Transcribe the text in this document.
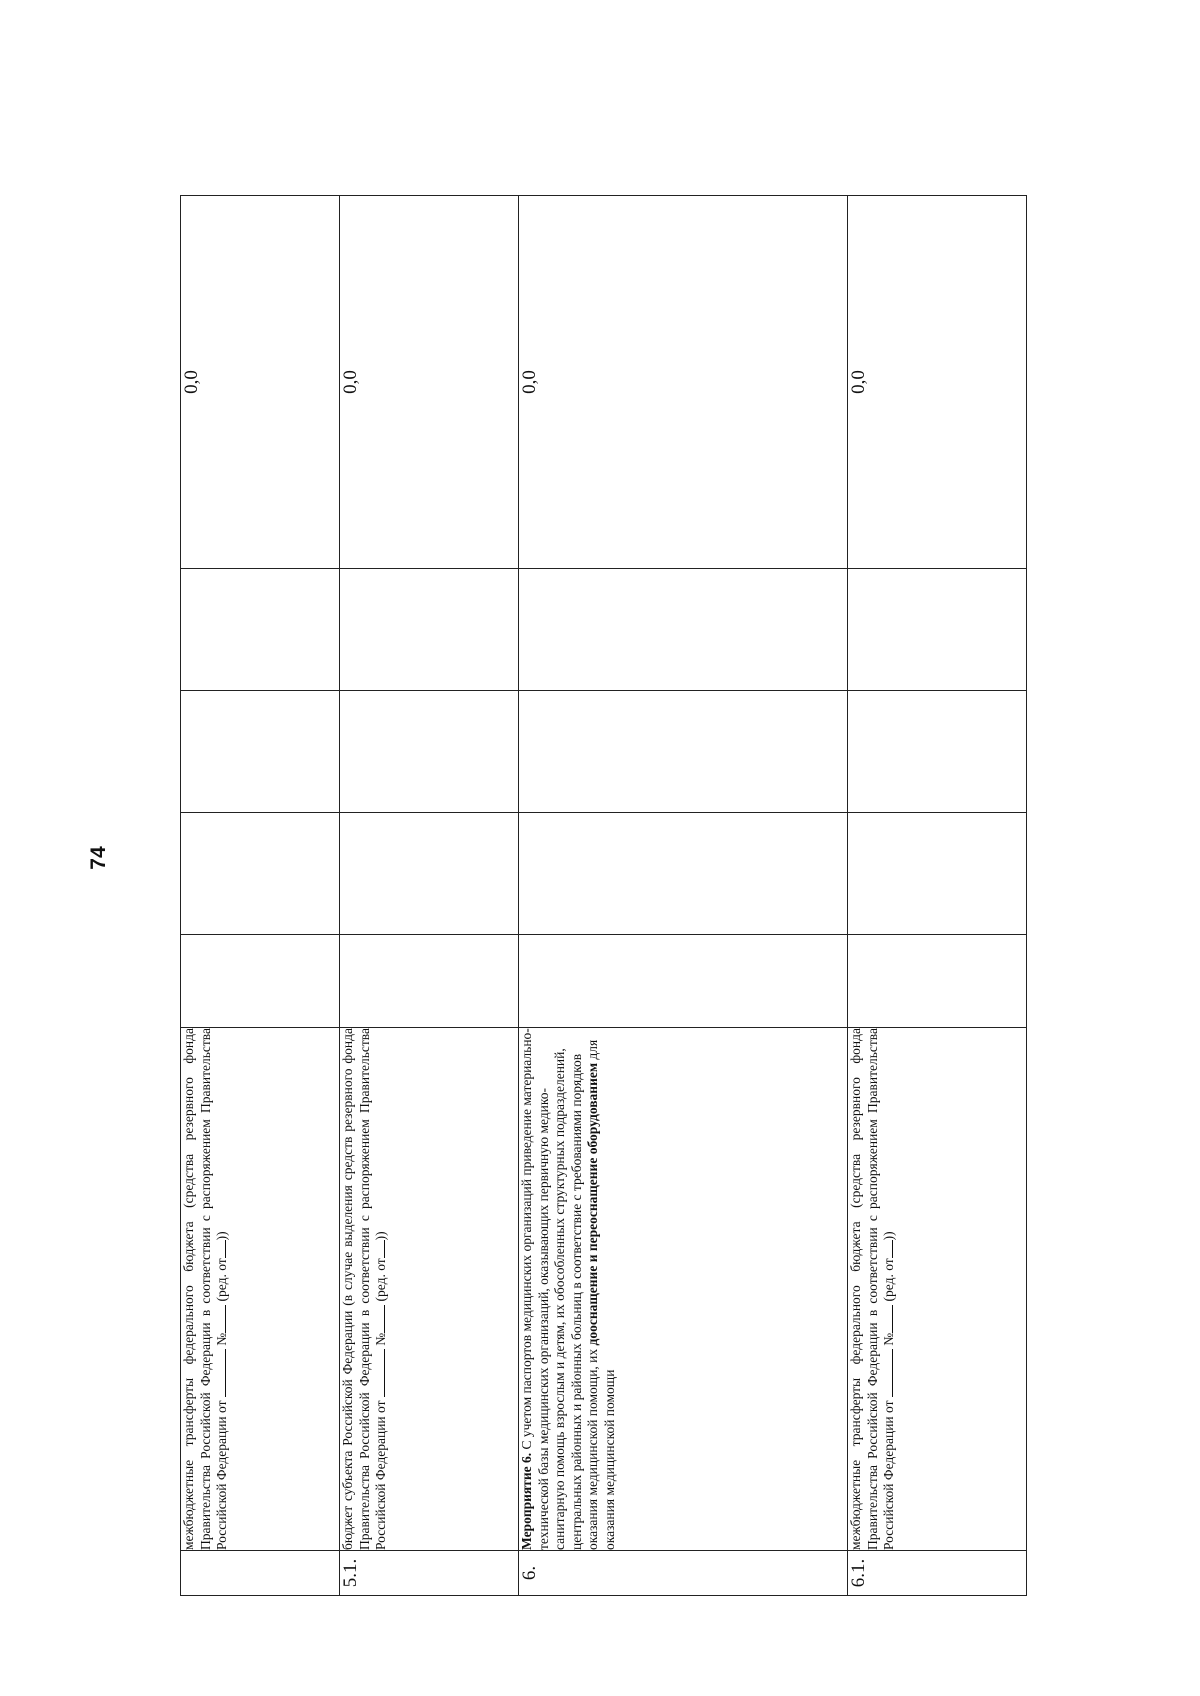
74
	межбюджетные трансферты федерального бюджета (средства резервного фонда Правительства Российской Федерации в соответствии с распоряжением Правительства Российской Федерации от  № (ред. от))					0,0
5.1.	бюджет субъекта Российской Федерации (в случае выделения средств резервного фонда Правительства Российской Федерации в соответствии с распоряжением Правительства Российской Федерации от  № (ред. от))					0,0
6.	Мероприятие 6. С учетом паспортов медицинских организаций приведение материально-технической базы медицинских организаций, оказывающих первичную медико-санитарную помощь взрослым и детям, их обособленных структурных подразделений, центральных районных и районных больниц в соответствие с требованиями порядков оказания медицинской помощи, их дооснащение и переоснащение оборудованием для оказания медицинской помощи					0,0
6.1.	межбюджетные трансферты федерального бюджета (средства резервного фонда Правительства Российской Федерации в соответствии с распоряжением Правительства Российской Федерации от  № (ред. от))					0,0
